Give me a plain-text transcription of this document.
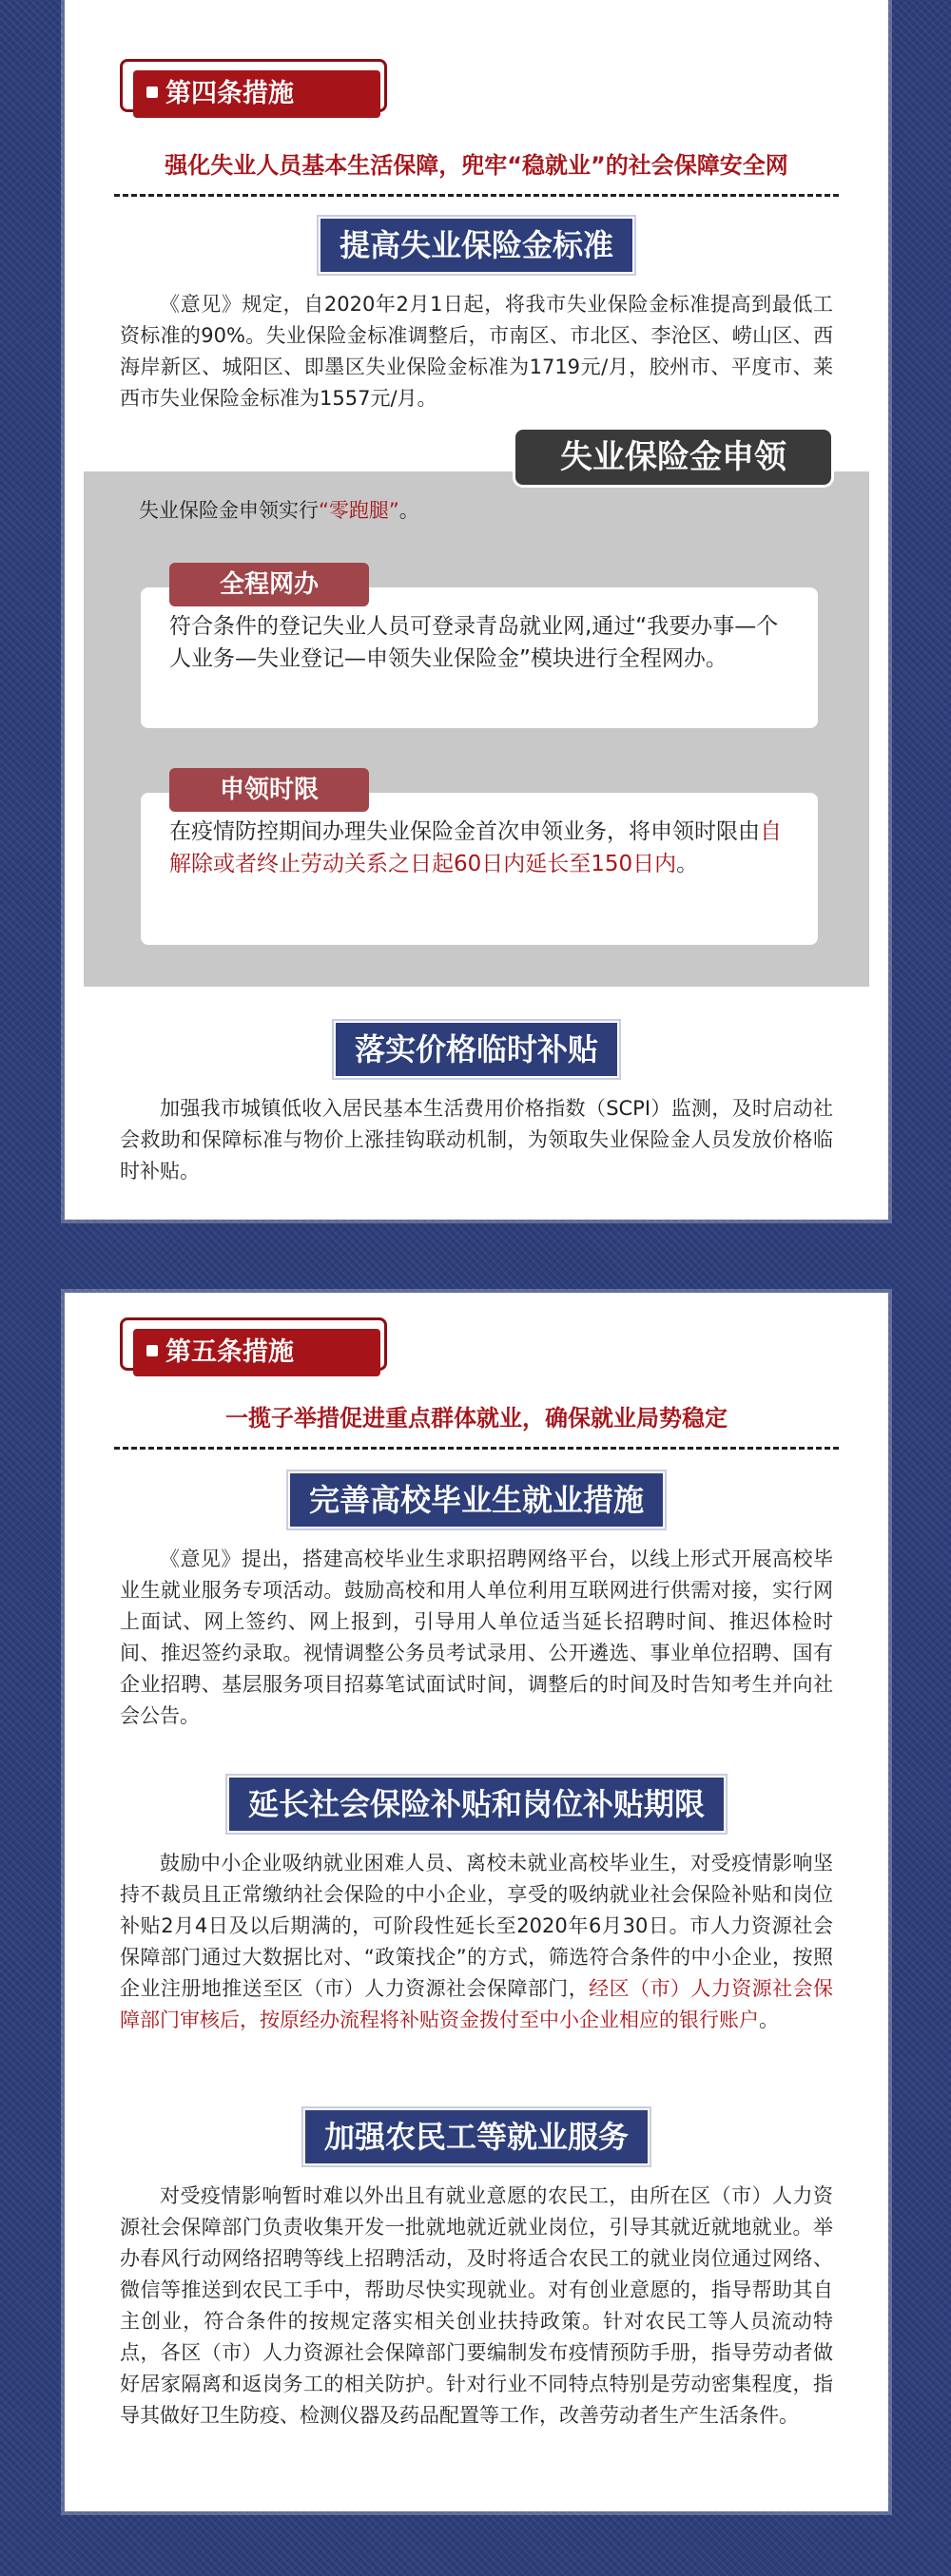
第四条措施
强化失业人员基本生活保障，兜牢“稳就业”的社会保障安全网
提高失业保险金标准
《意见》规定，自2020年2月1日起，将我市失业保险金标准提高到最低工资标准的90%。失业保险金标准调整后，市南区、市北区、李沧区、崂山区、西海岸新区、城阳区、即墨区失业保险金标准为1719元/月，胶州市、平度市、莱西市失业保险金标准为1557元/月。
失业保险金申领
失业保险金申领实行“零跑腿”。
符合条件的登记失业人员可登录青岛就业网,通过“我要办事—个人业务—失业登记—申领失业保险金”模块进行全程网办。
全程网办
在疫情防控期间办理失业保险金首次申领业务，将申领时限由自解除或者终止劳动关系之日起60日内延长至150日内。
申领时限
落实价格临时补贴
加强我市城镇低收入居民基本生活费用价格指数（SCPI）监测，及时启动社会救助和保障标准与物价上涨挂钩联动机制，为领取失业保险金人员发放价格临时补贴。
第五条措施
一揽子举措促进重点群体就业，确保就业局势稳定
完善高校毕业生就业措施
《意见》提出，搭建高校毕业生求职招聘网络平台，以线上形式开展高校毕业生就业服务专项活动。鼓励高校和用人单位利用互联网进行供需对接，实行网上面试、网上签约、网上报到，引导用人单位适当延长招聘时间、推迟体检时间、推迟签约录取。视情调整公务员考试录用、公开遴选、事业单位招聘、国有企业招聘、基层服务项目招募笔试面试时间，调整后的时间及时告知考生并向社会公告。
延长社会保险补贴和岗位补贴期限
鼓励中小企业吸纳就业困难人员、离校未就业高校毕业生，对受疫情影响坚持不裁员且正常缴纳社会保险的中小企业，享受的吸纳就业社会保险补贴和岗位补贴2月4日及以后期满的，可阶段性延长至2020年6月30日。市人力资源社会保障部门通过大数据比对、“政策找企”的方式，筛选符合条件的中小企业，按照企业注册地推送至区（市）人力资源社会保障部门，经区（市）人力资源社会保障部门审核后，按原经办流程将补贴资金拨付至中小企业相应的银行账户。
加强农民工等就业服务
对受疫情影响暂时难以外出且有就业意愿的农民工，由所在区（市）人力资源社会保障部门负责收集开发一批就地就近就业岗位，引导其就近就地就业。举办春风行动网络招聘等线上招聘活动，及时将适合农民工的就业岗位通过网络、微信等推送到农民工手中，帮助尽快实现就业。对有创业意愿的，指导帮助其自主创业，符合条件的按规定落实相关创业扶持政策。针对农民工等人员流动特点，各区（市）人力资源社会保障部门要编制发布疫情预防手册，指导劳动者做好居家隔离和返岗务工的相关防护。针对行业不同特点特别是劳动密集程度，指导其做好卫生防疫、检测仪器及药品配置等工作，改善劳动者生产生活条件。
